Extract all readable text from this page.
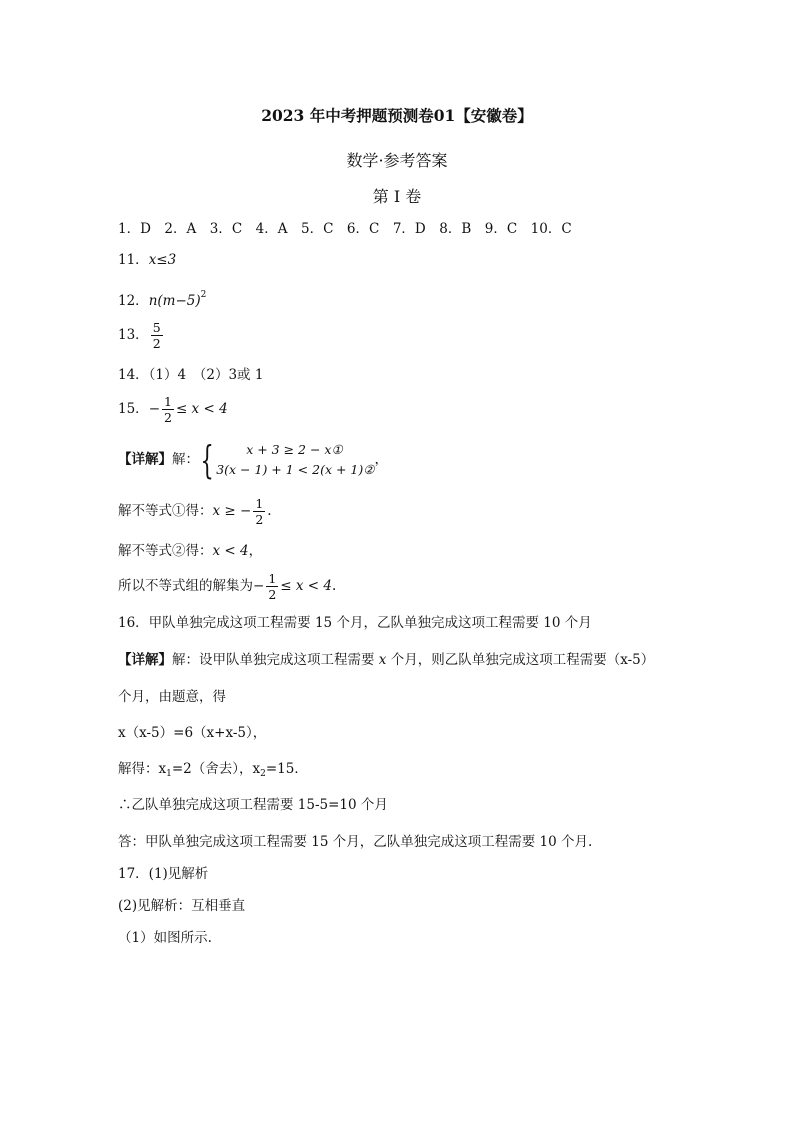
2023 年中考押题预测卷01【安徽卷】
数学·参考答案
第 I 卷
1．D　2．A　3．C　4．A　5．C　6．C　7．D　8．B　9．C　10．C
11．x≤3
12．$n(m-5)^2$
13． $\frac{5}{2}$
14．（1）4　（2）3或 1
15．− $\frac{1}{2} \le x < 4$
【详解】解：{	x + 3 ≥ 2 − x①
3(x − 1) + 1 < 2(x + 1)②
，
解不等式①得：x ≥ − $\frac{1}{2}$ .
解不等式②得：x < 4，
所以不等式组的解集为− $\frac{1}{2} \le x < 4$.
16．甲队单独完成这项工程需要 15 个月，乙队单独完成这项工程需要 10 个月
【详解】解：设甲队单独完成这项工程需要 x 个月，则乙队单独完成这项工程需要（x-5）
个月，由题意，得
x（x-5）=6（x+x-5），
解得：$x_1=2$（舍去），$x_2=15$．
∴乙队单独完成这项工程需要 15-5=10 个月
答：甲队单独完成这项工程需要 15 个月，乙队单独完成这项工程需要 10 个月.
17．(1)见解析
(2)见解析：互相垂直
（1）如图所示.
